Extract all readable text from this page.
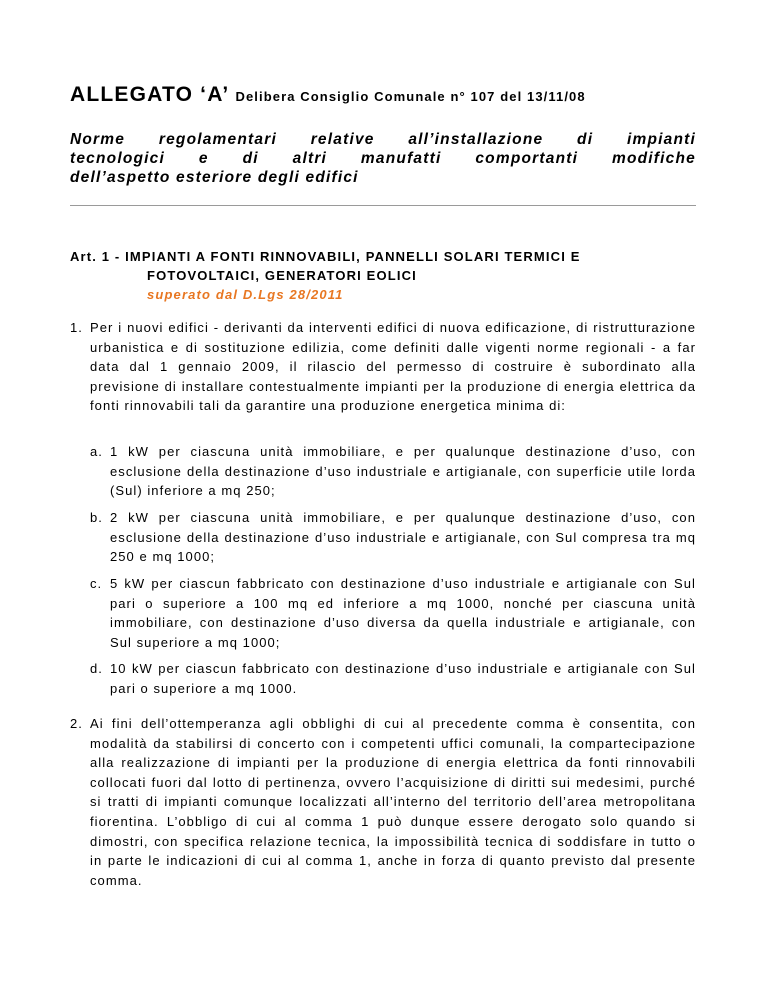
ALLEGATO ‘A’ Delibera Consiglio Comunale n° 107 del 13/11/08
Norme regolamentari relative all’installazione di impianti
tecnologici e di altri manufatti comportanti modifiche
dell’aspetto esteriore degli edifici
Art. 1 - IMPIANTI A FONTI RINNOVABILI, PANNELLI SOLARI TERMICI E
FOTOVOLTAICI, GENERATORI EOLICI
superato dal D.Lgs 28/2011
1. Per i nuovi edifici - derivanti da interventi edifici di nuova edificazione, di ristrutturazione urbanistica e di sostituzione edilizia, come definiti dalle vigenti norme regionali - a far data dal 1 gennaio 2009, il rilascio del permesso di costruire è subordinato alla previsione di installare contestualmente impianti per la produzione di energia elettrica da fonti rinnovabili tali da garantire una produzione energetica minima di:
a. 1 kW per ciascuna unità immobiliare, e per qualunque destinazione d’uso, con esclusione della destinazione d’uso industriale e artigianale, con superficie utile lorda (Sul) inferiore a mq 250;
b. 2 kW per ciascuna unità immobiliare, e per qualunque destinazione d’uso, con esclusione della destinazione d’uso industriale e artigianale, con Sul compresa tra mq 250 e mq 1000;
c. 5 kW per ciascun fabbricato con destinazione d’uso industriale e artigianale con Sul pari o superiore a 100 mq ed inferiore a mq 1000, nonché per ciascuna unità immobiliare, con destinazione d’uso diversa da quella industriale e artigianale, con Sul superiore a mq 1000;
d. 10 kW per ciascun fabbricato con destinazione d’uso industriale e artigianale con Sul pari o superiore a mq 1000.
2. Ai fini dell’ottemperanza agli obblighi di cui al precedente comma è consentita, con modalità da stabilirsi di concerto con i competenti uffici comunali, la compartecipazione alla realizzazione di impianti per la produzione di energia elettrica da fonti rinnovabili collocati fuori dal lotto di pertinenza, ovvero l’acquisizione di diritti sui medesimi, purché si tratti di impianti comunque localizzati all’interno del territorio dell’area metropolitana fiorentina. L’obbligo di cui al comma 1 può dunque essere derogato solo quando si dimostri, con specifica relazione tecnica, la impossibilità tecnica di soddisfare in tutto o in parte le indicazioni di cui al comma 1, anche in forza di quanto previsto dal presente comma.
